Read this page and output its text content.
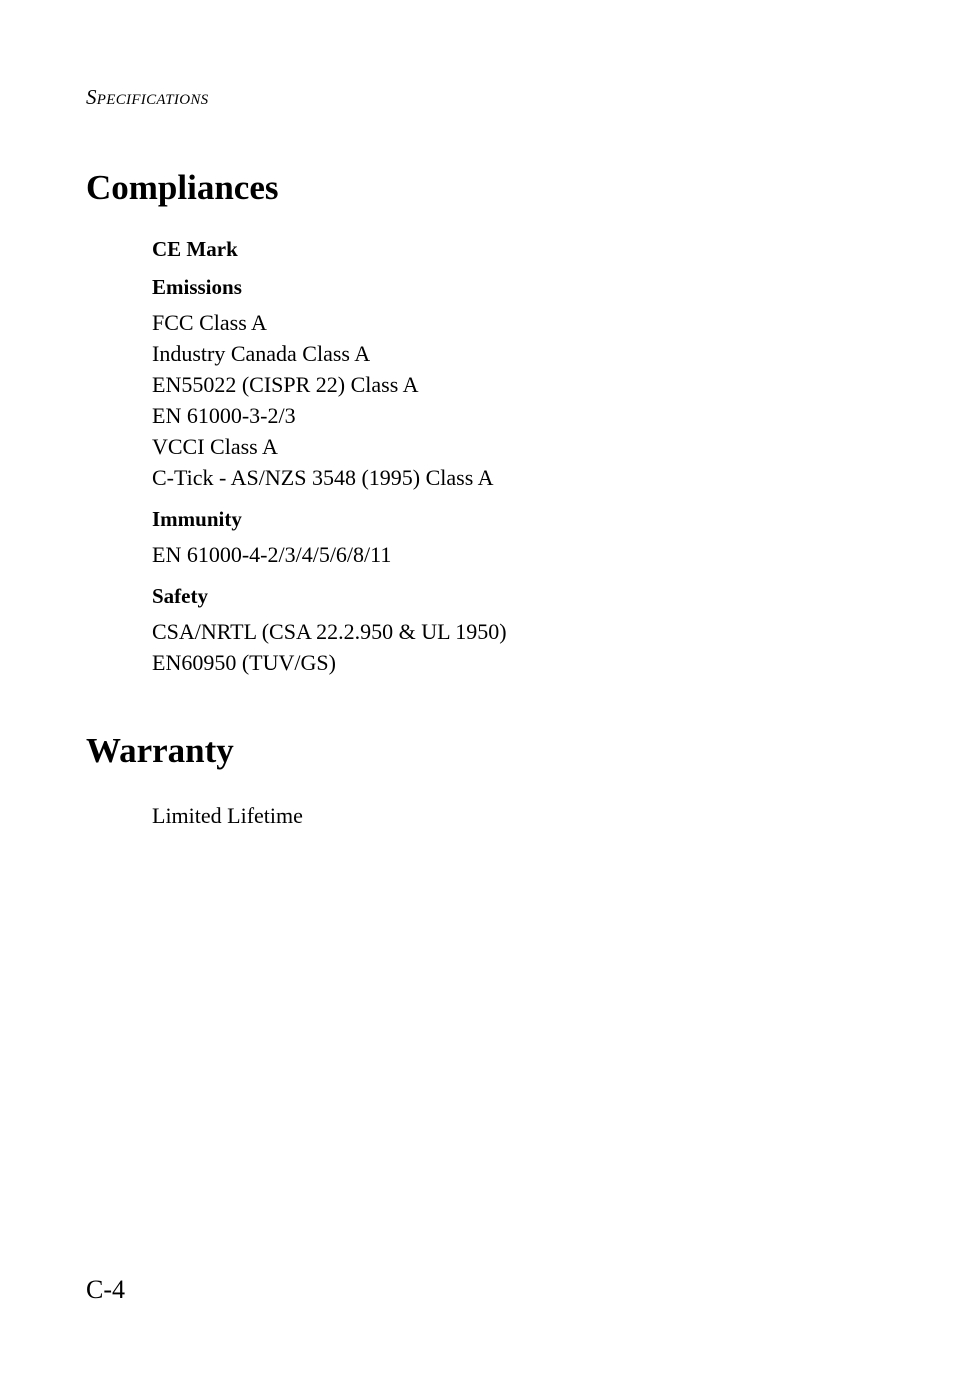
Specifications
Compliances
CE Mark
Emissions
FCC Class A
Industry Canada Class A
EN55022 (CISPR 22) Class A
EN 61000-3-2/3
VCCI Class A
C-Tick - AS/NZS 3548 (1995) Class A
Immunity
EN 61000-4-2/3/4/5/6/8/11
Safety
CSA/NRTL (CSA 22.2.950 & UL 1950)
EN60950 (TUV/GS)
Warranty
Limited Lifetime
C-4
